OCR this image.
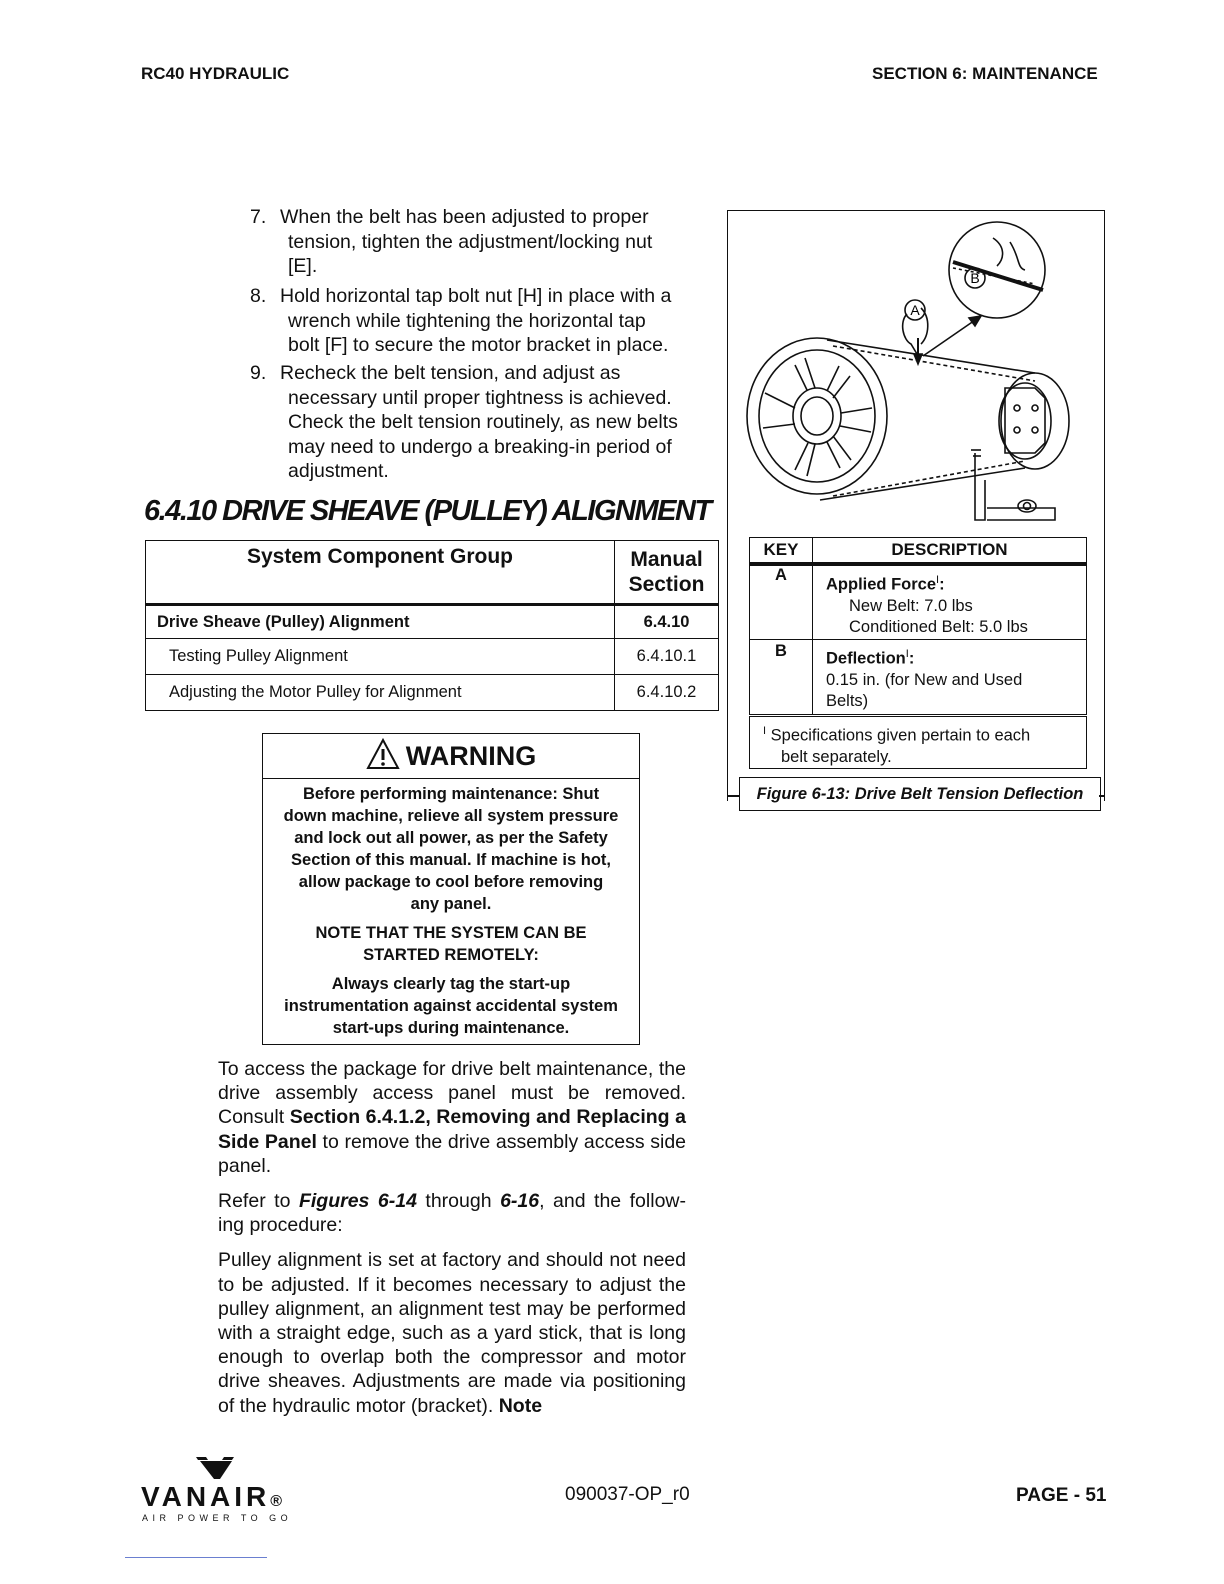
RC40 HYDRAULIC	SECTION 6: MAINTENANCE
7. When the belt has been adjusted to proper
tension, tighten the adjustment/locking nut
[E].
8. Hold horizontal tap bolt nut [H] in place with a
wrench while tightening the horizontal tap
bolt [F] to secure the motor bracket in place.
9. Recheck the belt tension, and adjust as
necessary until proper tightness is achieved.
Check the belt tension routinely, as new belts
may need to undergo a breaking-in period of
adjustment.
6.4.10 DRIVE SHEAVE (PULLEY) ALIGNMENT
System Component Group	Manual Section
Drive Sheave (Pulley) Alignment	6.4.10
Testing Pulley Alignment	6.4.10.1
Adjusting the Motor Pulley for Alignment	6.4.10.2
WARNING

Before performing maintenance: Shut down machine, relieve all system pressure and lock out all power, as per the Safety Section of this manual. If machine is hot, allow package to cool before removing any panel.

NOTE THAT THE SYSTEM CAN BE STARTED REMOTELY:

Always clearly tag the start-up instrumentation against accidental system start-ups during maintenance.

To access the package for drive belt maintenance, the drive assembly access panel must be removed. Consult Section 6.4.1.2, Removing and Replacing a Side Panel to remove the drive assembly access side panel.

Refer to Figures 6-14 through 6-16, and the follow-ing procedure:

Pulley alignment is set at factory and should not need to be adjusted. If it becomes necessary to adjust the pulley alignment, an alignment test may be performed with a straight edge, such as a yard stick, that is long enough to overlap both the compressor and motor drive sheaves. Adjustments are made via positioning of the hydraulic motor (bracket). Note

A
B
KEY	DESCRIPTION
A	Applied Force$^I$:
New Belt: 7.0 lbs
Conditioned Belt: 5.0 lbs
B	Deflection$^I$:
0.15 in. (for New and Used
Belts)
$^I$ Specifications given pertain to each
belt separately.	
Figure 6-13: Drive Belt Tension Deflection
VANAIR®
AIR POWER TO GO
090037-OP_r0	PAGE - 51
